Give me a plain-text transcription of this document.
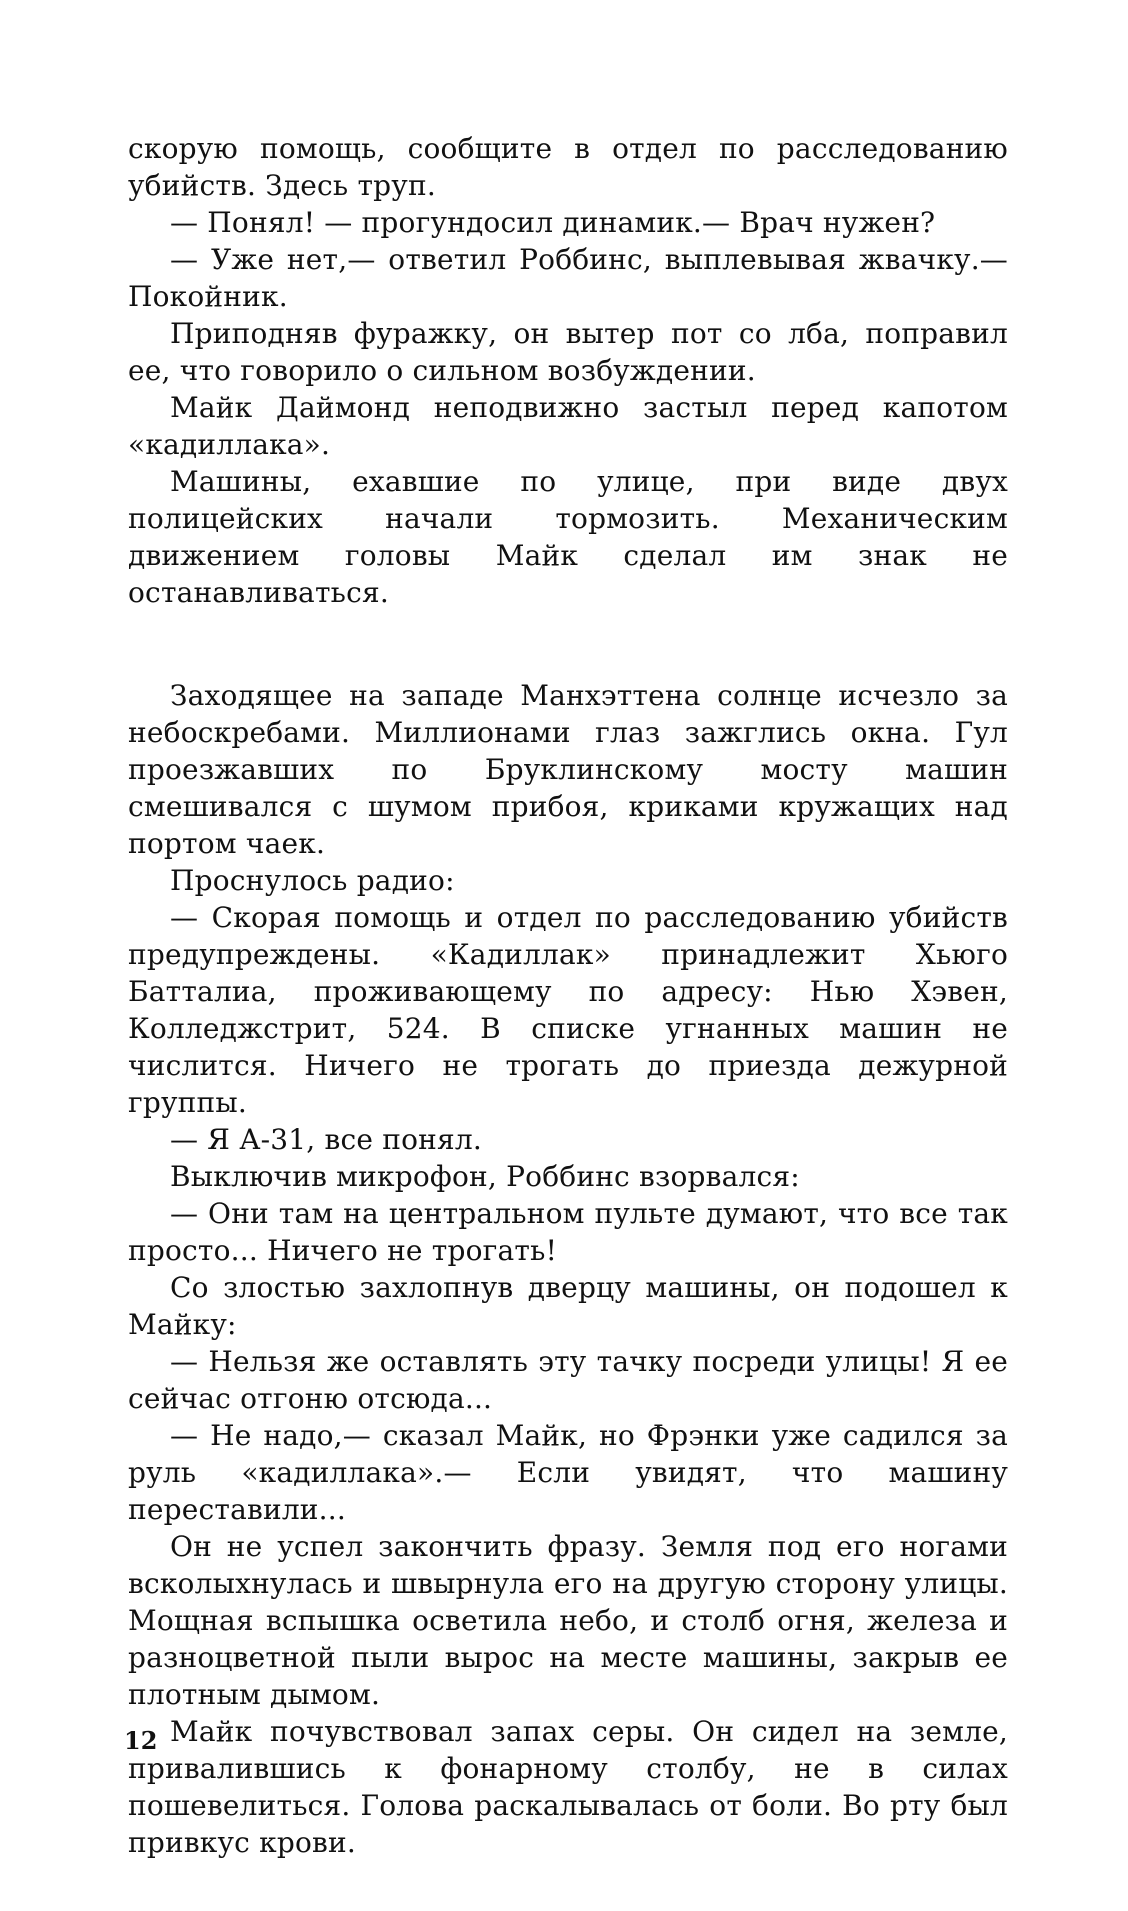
скорую помощь, сообщите в отдел по расследованию убийств. Здесь труп.

— Понял! — прогундосил динамик.— Врач нужен?

— Уже нет,— ответил Роббинс, выплевывая жвачку.— Покойник.

Приподняв фуражку, он вытер пот со лба, поправил ее, что говорило о сильном возбуждении.

Майк Даймонд неподвижно застыл перед капотом «кадиллака».

Машины, ехавшие по улице, при виде двух полицейских начали тормозить. Механическим движением головы Майк сделал им знак не останавливаться.

Заходящее на западе Манхэттена солнце исчезло за небоскребами. Миллионами глаз зажглись окна. Гул проезжавших по Бруклинскому мосту машин смешивался с шумом прибоя, криками кружащих над портом чаек.

Проснулось радио:

— Скорая помощь и отдел по расследованию убийств предупреждены. «Кадиллак» принадлежит Хьюго Батталиа, проживающему по адресу: Нью Хэвен, Колледжстрит, 524. В списке угнанных машин не числится. Ничего не трогать до приезда дежурной группы.

— Я А-31, все понял.

Выключив микрофон, Роббинс взорвался:

— Они там на центральном пульте думают, что все так просто... Ничего не трогать!

Со злостью захлопнув дверцу машины, он подошел к Майку:

— Нельзя же оставлять эту тачку посреди улицы! Я ее сейчас отгоню отсюда...

— Не надо,— сказал Майк, но Фрэнки уже садился за руль «кадиллака».— Если увидят, что машину переставили...

Он не успел закончить фразу. Земля под его ногами всколыхнулась и швырнула его на другую сторону улицы. Мощная вспышка осветила небо, и столб огня, железа и разноцветной пыли вырос на месте машины, закрыв ее плотным дымом.

Майк почувствовал запах серы. Он сидел на земле, привалившись к фонарному столбу, не в силах пошевелиться. Голова раскалывалась от боли. Во рту был привкус крови.

12
